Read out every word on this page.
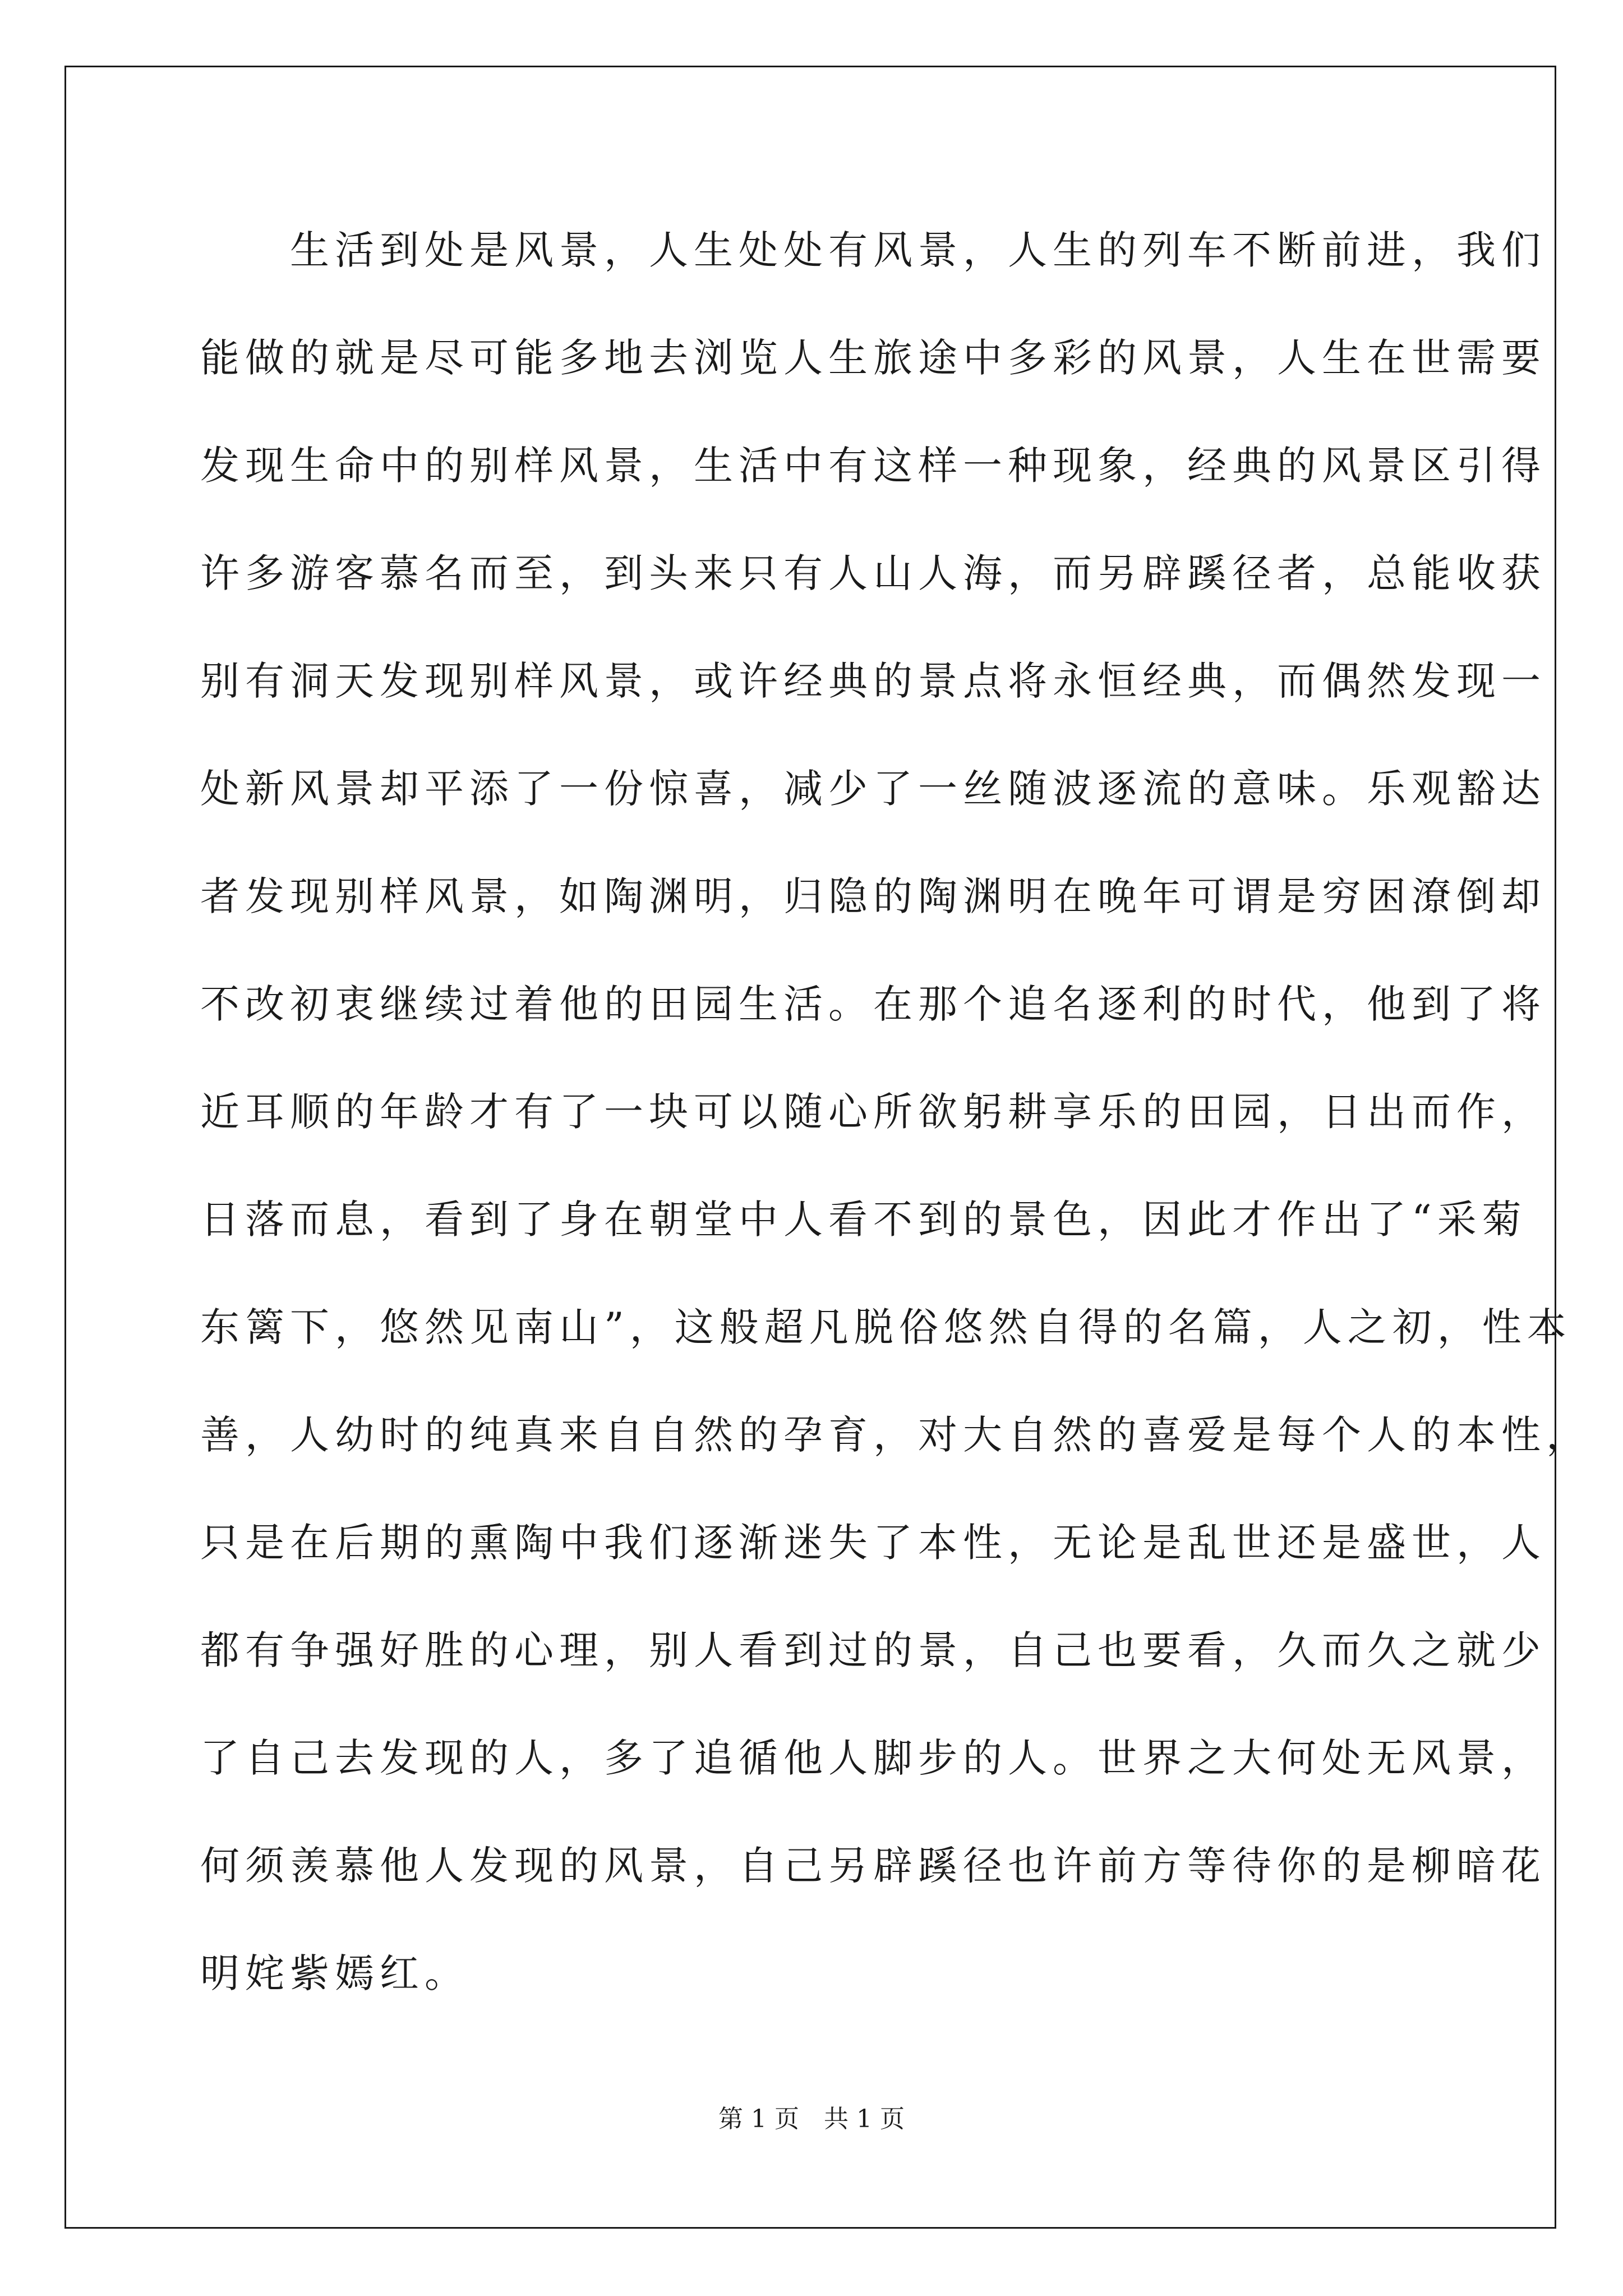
　　生活到处是风景，人生处处有风景，人生的列车不断前进，我们
能做的就是尽可能多地去浏览人生旅途中多彩的风景，人生在世需要
发现生命中的别样风景，生活中有这样一种现象，经典的风景区引得
许多游客慕名而至，到头来只有人山人海，而另辟蹊径者，总能收获
别有洞天发现别样风景，或许经典的景点将永恒经典，而偶然发现一
处新风景却平添了一份惊喜，减少了一丝随波逐流的意味。乐观豁达
者发现别样风景，如陶渊明，归隐的陶渊明在晚年可谓是穷困潦倒却
不改初衷继续过着他的田园生活。在那个追名逐利的时代，他到了将
近耳顺的年龄才有了一块可以随心所欲躬耕享乐的田园，日出而作，
日落而息，看到了身在朝堂中人看不到的景色，因此才作出了“采菊
东篱下，悠然见南山”，这般超凡脱俗悠然自得的名篇，人之初，性本
善，人幼时的纯真来自自然的孕育，对大自然的喜爱是每个人的本性，
只是在后期的熏陶中我们逐渐迷失了本性，无论是乱世还是盛世，人
都有争强好胜的心理，别人看到过的景，自己也要看，久而久之就少
了自己去发现的人，多了追循他人脚步的人。世界之大何处无风景，
何须羡慕他人发现的风景，自己另辟蹊径也许前方等待你的是柳暗花
明姹紫嫣红。
第 1 页　共 1 页
